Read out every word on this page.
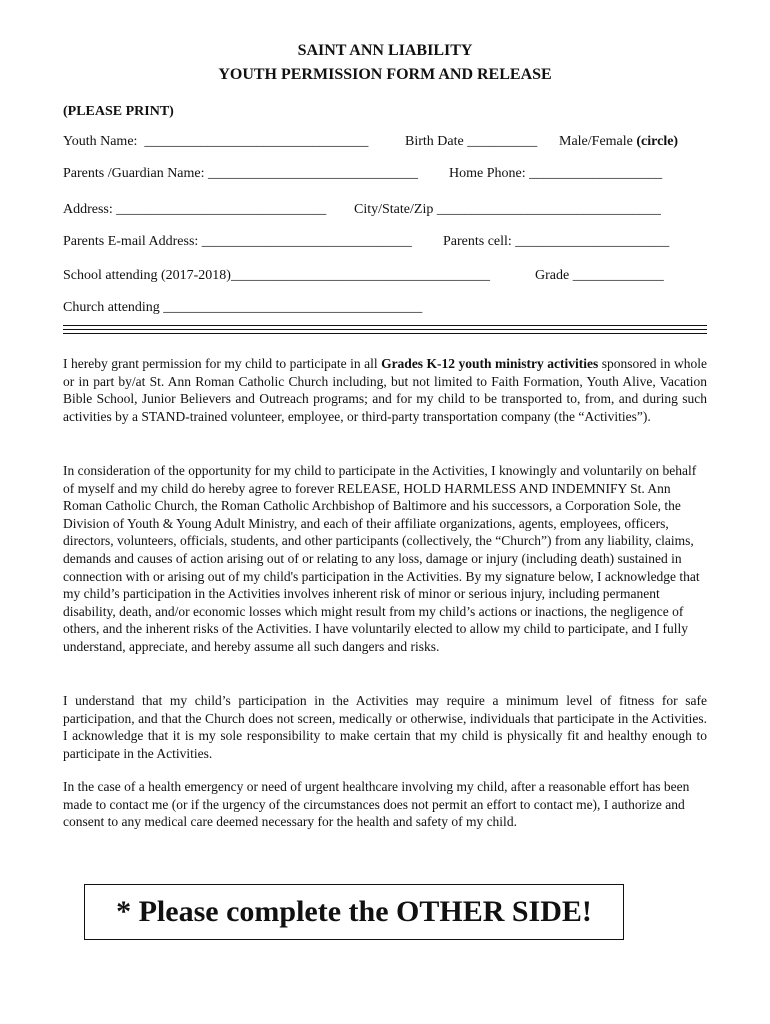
SAINT ANN LIABILITY
YOUTH PERMISSION FORM AND RELEASE
(PLEASE PRINT)
Youth Name:  ________________________________	Birth Date __________ Male/Female (circle)
Parents /Guardian Name: ______________________________ Home Phone: ___________________
Address: ______________________________ City/State/Zip ________________________________
Parents E-mail Address: ______________________________ Parents cell: ______________________
School attending (2017-2018)_____________________________________	Grade _____________
Church attending _____________________________________

I hereby grant permission for my child to participate in all Grades K-12 youth ministry activities sponsored in whole or in part by/at St. Ann Roman Catholic Church including, but not limited to Faith Formation, Youth Alive, Vacation Bible School, Junior Believers and Outreach programs; and for my child to be transported to, from, and during such activities by a STAND-trained volunteer, employee, or third-party transportation company (the “Activities”).

In consideration of the opportunity for my child to participate in the Activities, I knowingly and voluntarily on behalf of myself and my child do hereby agree to forever RELEASE, HOLD HARMLESS AND INDEMNIFY St. Ann Roman Catholic Church, the Roman Catholic Archbishop of Baltimore and his successors, a Corporation Sole, the Division of Youth & Young Adult Ministry, and each of their affiliate organizations, agents, employees, officers, directors, volunteers, officials, students, and other participants (collectively, the “Church”) from any liability, claims, demands and causes of action arising out of or relating to any loss, damage or injury (including death) sustained in connection with or arising out of my child's participation in the Activities. By my signature below, I acknowledge that my child’s participation in the Activities involves inherent risk of minor or serious injury, including permanent disability, death, and/or economic losses which might result from my child’s actions or inactions, the negligence of others, and the inherent risks of the Activities. I have voluntarily elected to allow my child to participate, and I fully understand, appreciate, and hereby assume all such dangers and risks.

I understand that my child’s participation in the Activities may require a minimum level of fitness for safe participation, and that the Church does not screen, medically or otherwise, individuals that participate in the Activities. I acknowledge that it is my sole responsibility to make certain that my child is physically fit and healthy enough to participate in the Activities.

In the case of a health emergency or need of urgent healthcare involving my child, after a reasonable effort has been made to contact me (or if the urgency of the circumstances does not permit an effort to contact me), I authorize and consent to any medical care deemed necessary for the health and safety of my child.

* Please complete the OTHER SIDE!
